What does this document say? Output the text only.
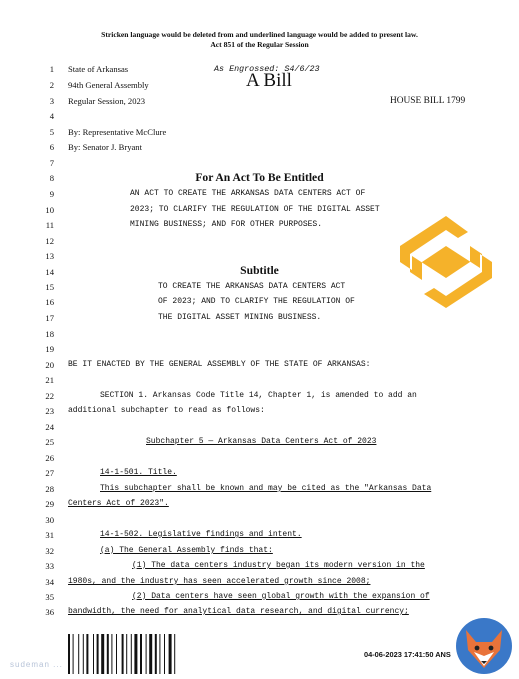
Stricken language would be deleted from and underlined language would be added to present law.
Act 851 of the Regular Session
1
2
3
4
5
6
7
8
9
10
11
12
13
14
15
16
17
18
19
20
21
22
23
24
25
26
27
28
29
30
31
32
33
34
35
36
State of Arkansas
94th General Assembly
Regular Session, 2023
As Engrossed: S4/6/23
A Bill
HOUSE BILL 1799
By: Representative McClure
By: Senator J. Bryant
For An Act To Be Entitled
AN ACT TO CREATE THE ARKANSAS DATA CENTERS ACT OF
2023; TO CLARIFY THE REGULATION OF THE DIGITAL ASSET
MINING BUSINESS; AND FOR OTHER PURPOSES.
Subtitle
TO CREATE THE ARKANSAS DATA CENTERS ACT
OF 2023; AND TO CLARIFY THE REGULATION OF
THE DIGITAL ASSET MINING BUSINESS.
BE IT ENACTED BY THE GENERAL ASSEMBLY OF THE STATE OF ARKANSAS:
SECTION 1. Arkansas Code Title 14, Chapter 1, is amended to add an
additional subchapter to read as follows:
Subchapter 5 — Arkansas Data Centers Act of 2023
14-1-501. Title.
This subchapter shall be known and may be cited as the "Arkansas Data
Centers Act of 2023".
14-1-502. Legislative findings and intent.
(a) The General Assembly finds that:
(1) The data centers industry began its modern version in the
1980s, and the industry has seen accelerated growth since 2008;
(2) Data centers have seen global growth with the expansion of
bandwidth, the need for analytical data research, and digital currency;
04-06-2023 17:41:50 ANS
sudeman ...
